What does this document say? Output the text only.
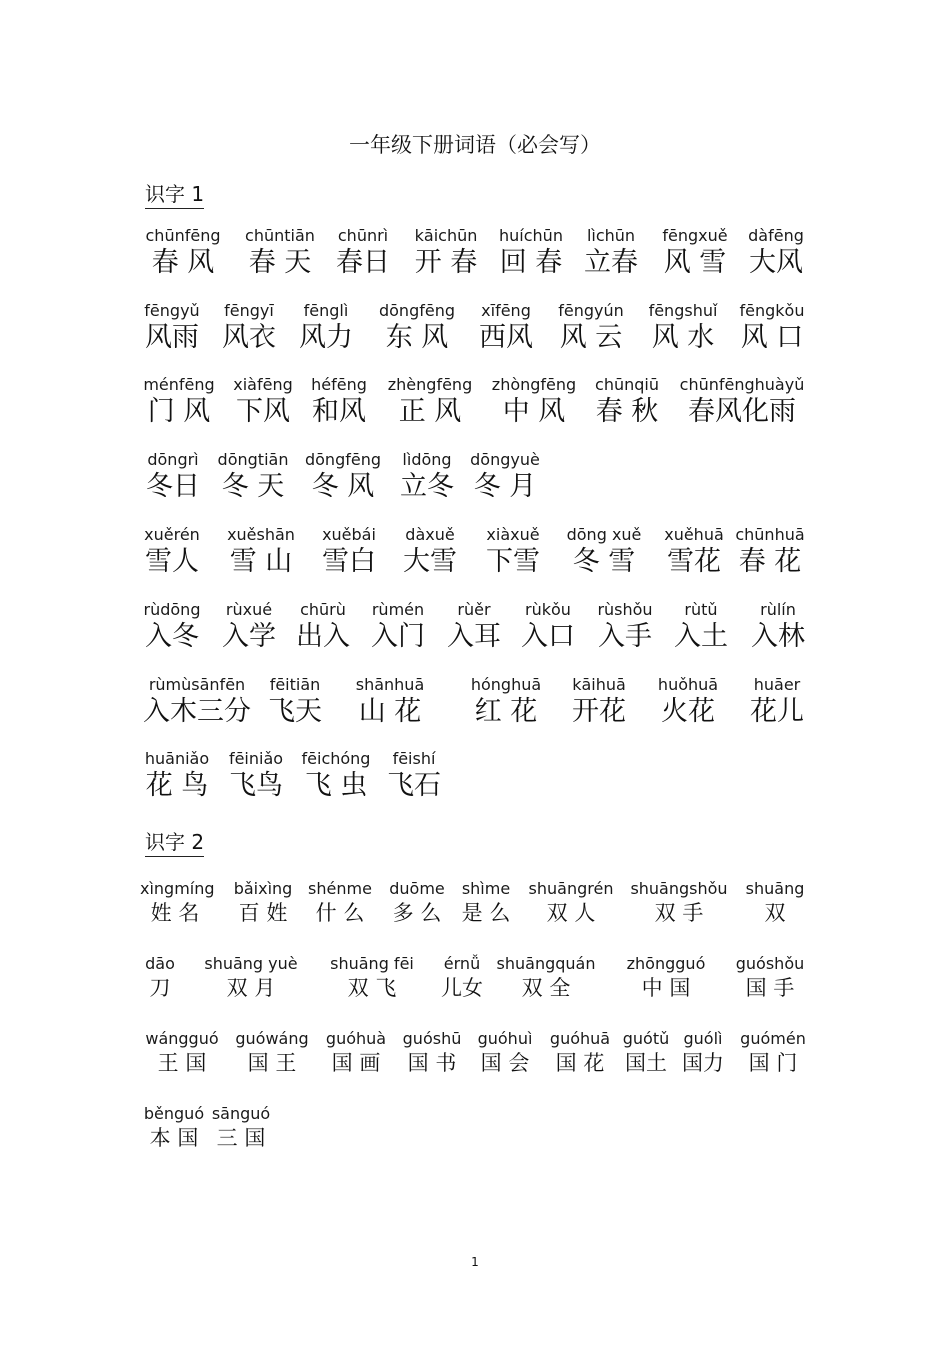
一年级下册词语（必会写）
识字 1
chūnfēng
春 风
chūntiān
春 天
chūnrì
春日
kāichūn
开 春
huíchūn
回 春
lìchūn
立春
fēngxuě
风 雪
dàfēng
大风
fēngyǔ
风雨
fēngyī
风衣
fēnglì
风力
dōngfēng
东 风
xīfēng
西风
fēngyún
风 云
fēngshuǐ
风 水
fēngkǒu
风 口
ménfēng
门 风
xiàfēng
下风
héfēng
和风
zhèngfēng
正 风
zhòngfēng
中 风
chūnqiū
春 秋
chūnfēnghuàyǔ
春风化雨
dōngrì
冬日
dōngtiān
冬 天
dōngfēng
冬 风
lìdōng
立冬
dōngyuè
冬 月
xuěrén
雪人
xuěshān
雪 山
xuěbái
雪白
dàxuě
大雪
xiàxuě
下雪
dōng xuě
冬 雪
xuěhuā
雪花
chūnhuā
春 花
rùdōng
入冬
rùxué
入学
chūrù
出入
rùmén
入门
rùěr
入耳
rùkǒu
入口
rùshǒu
入手
rùtǔ
入土
rùlín
入林
rùmùsānfēn
入木三分
fēitiān
飞天
shānhuā
山 花
hónghuā
红 花
kāihuā
开花
huǒhuā
火花
huāer
花儿
huāniǎo
花 鸟
fēiniǎo
飞鸟
fēichóng
飞 虫
fēishí
飞石
识字 2
xìngmíng
姓 名
bǎixìng
百 姓
shénme
什 么
duōme
多 么
shìme
是 么
shuāngrén
双 人
shuāngshǒu
双 手
shuāng
双
dāo
刀
shuāng yuè
双 月
shuāng fēi
双 飞
érnǚ
儿女
shuāngquán
双 全
zhōngguó
中 国
guóshǒu
国 手
wángguó
王 国
guówáng
国 王
guóhuà
国 画
guóshū
国 书
guóhuì
国 会
guóhuā
国 花
guótǔ
国土
guólì
国力
guómén
国 门
běnguó
本 国
sānguó
三 国
1
